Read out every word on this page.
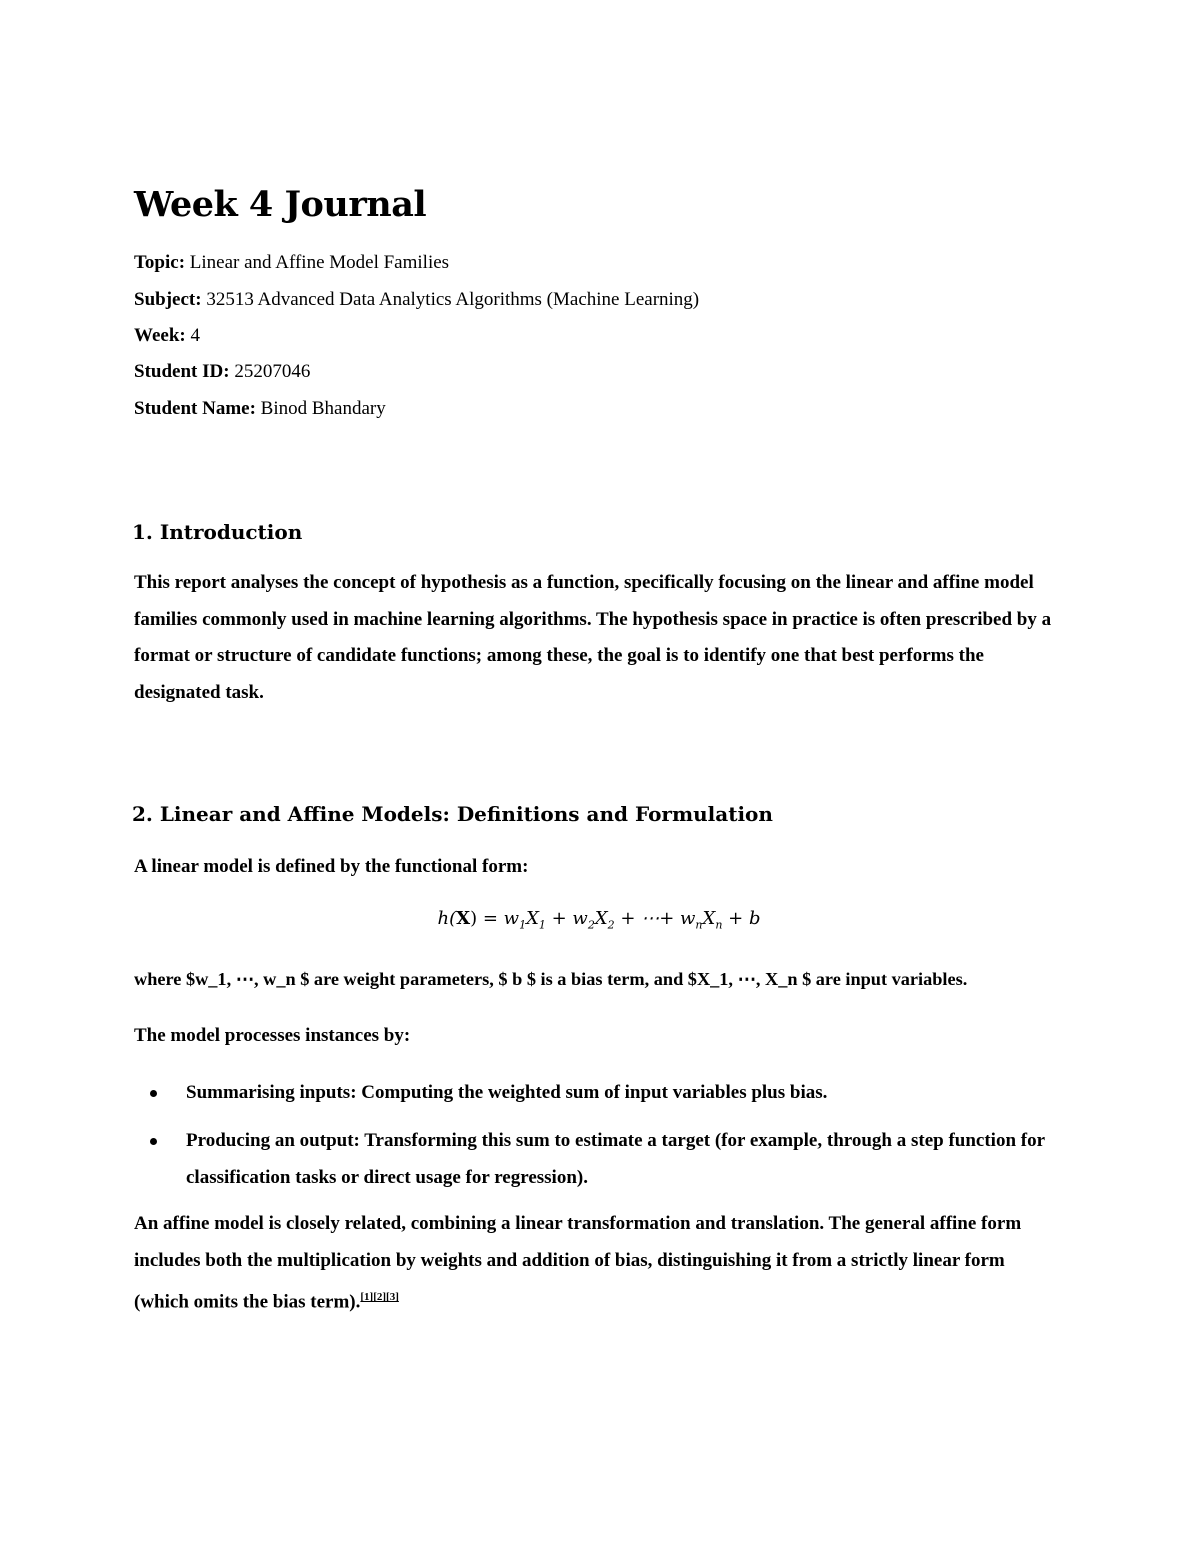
Week 4 Journal

Topic: Linear and Affine Model Families

Subject: 32513 Advanced Data Analytics Algorithms (Machine Learning)

Week: 4

Student ID: 25207046

Student Name: Binod Bhandary

1. Introduction

This report analyses the concept of hypothesis as a function, specifically focusing on the linear and affine model families commonly used in machine learning algorithms. The hypothesis space in practice is often prescribed by a format or structure of candidate functions; among these, the goal is to identify one that best performs the designated task.

2. Linear and Affine Models: Definitions and Formulation

A linear model is defined by the functional form:

$h(X) = w_1X_1 + w_2X_2$ + ⋯+ $w_nX_n + b$

where $w_1, ⋯, w_n $ are weight parameters, $ b $ is a bias term, and $X_1, ⋯, X_n $ are input variables.

The model processes instances by:

Summarising inputs: Computing the weighted sum of input variables plus bias.

Producing an output: Transforming this sum to estimate a target (for example, through a step function for classification tasks or direct usage for regression).

An affine model is closely related, combining a linear transformation and translation. The general affine form includes both the multiplication by weights and addition of bias, distinguishing it from a strictly linear form (which omits the bias term).[1][2][3]
